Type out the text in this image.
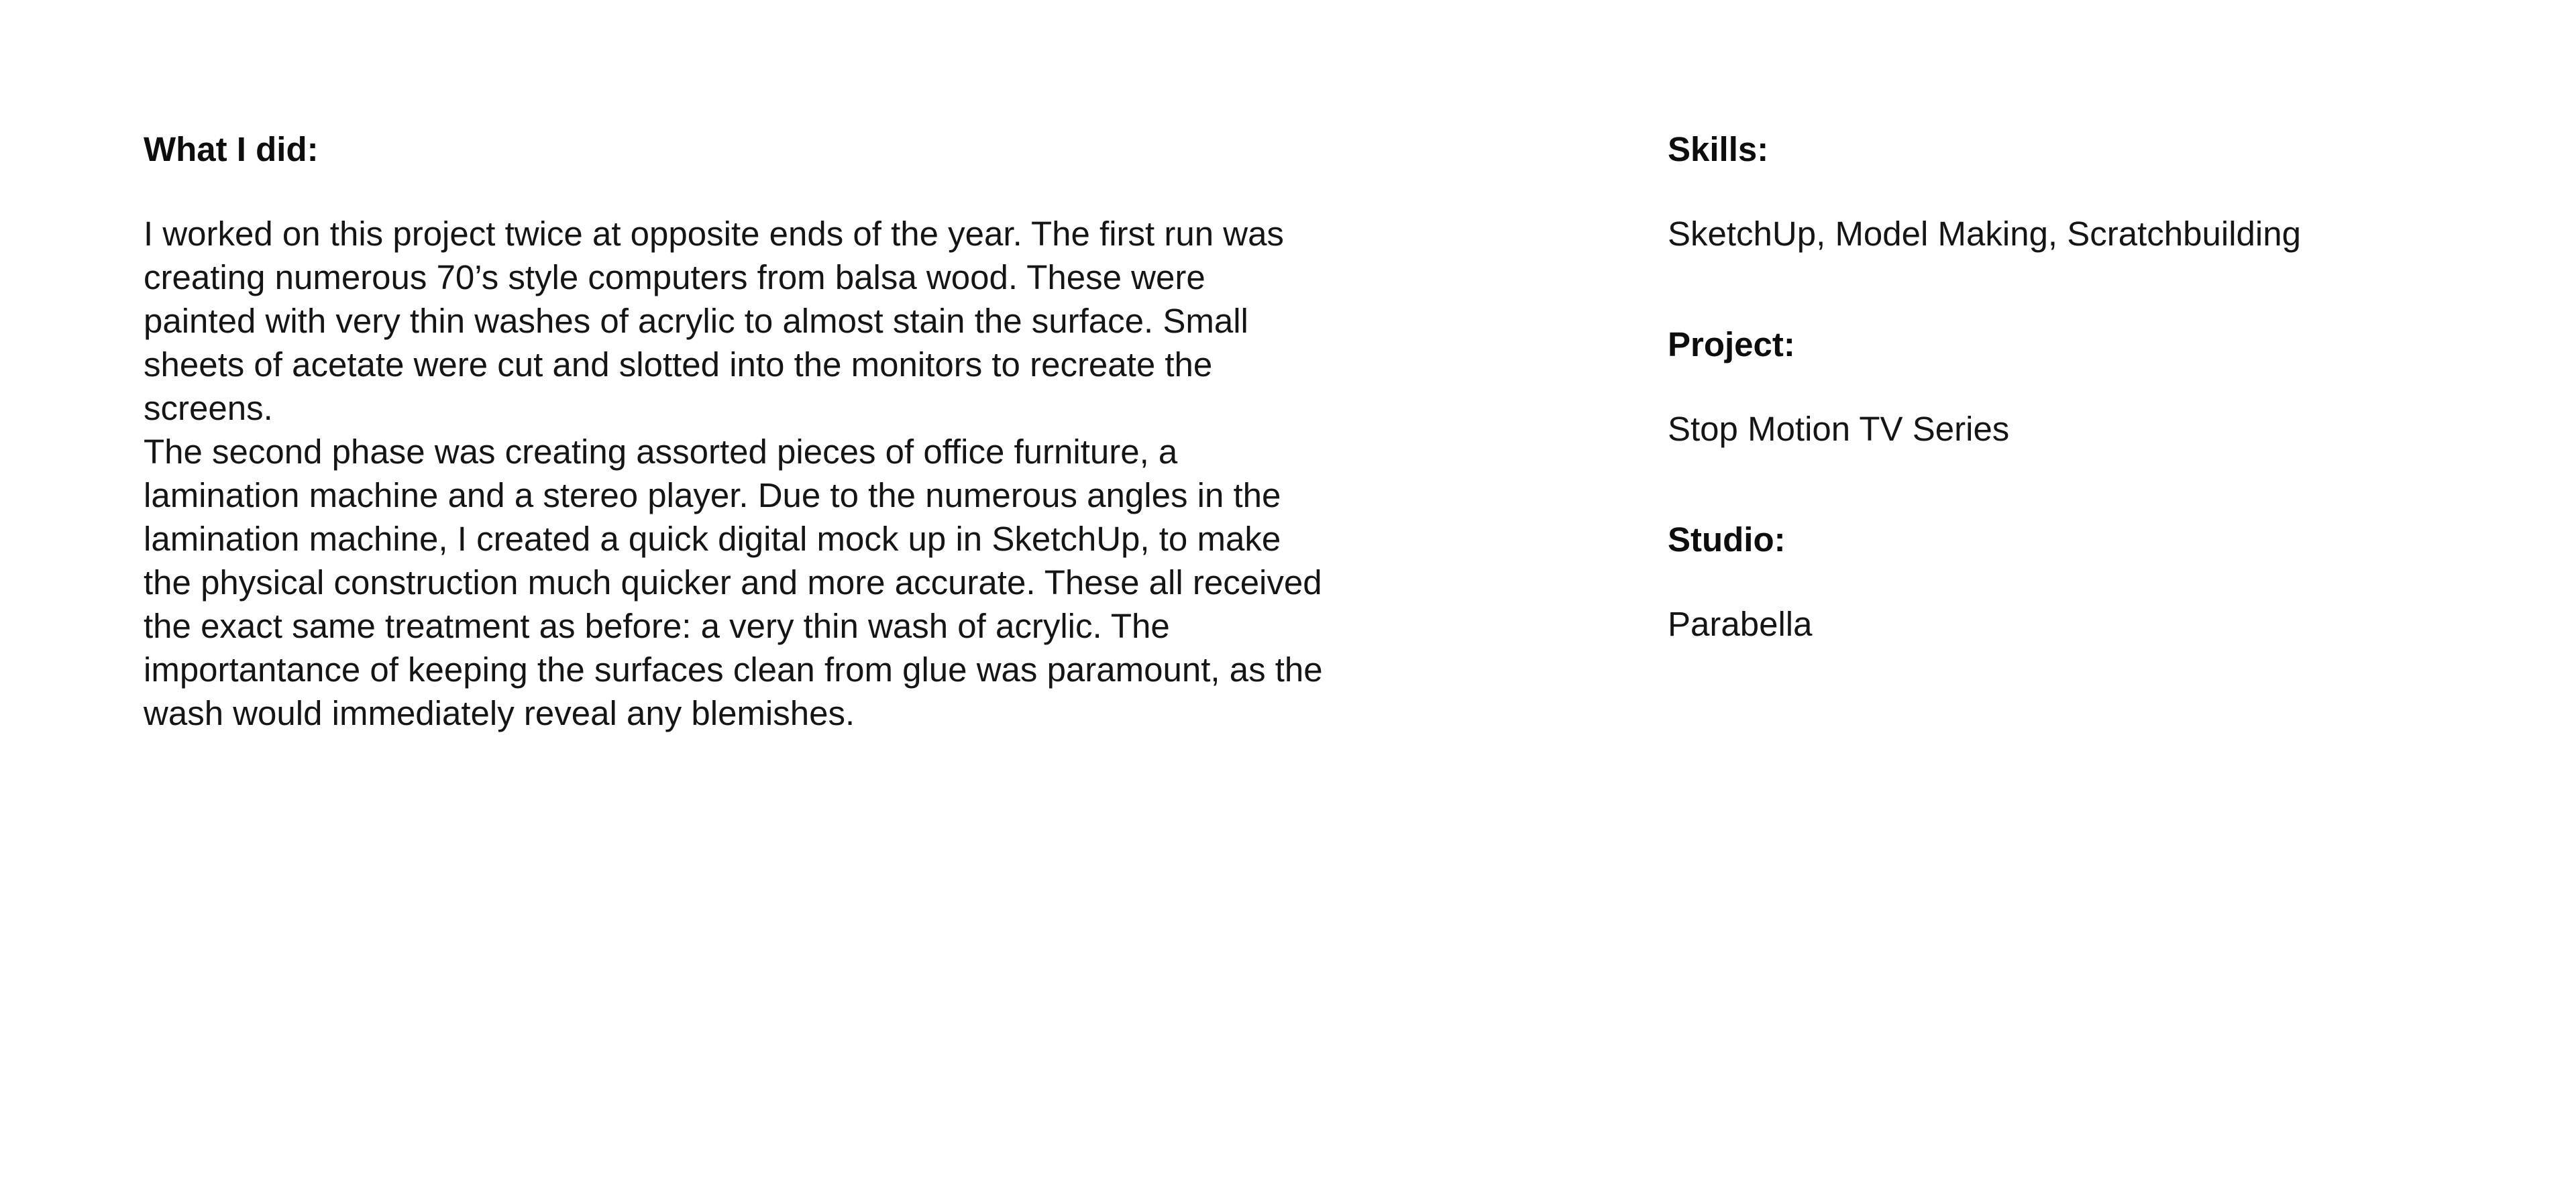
What I did:

I worked on this project twice at opposite ends of the year. The first run was creating numerous 70’s style computers from balsa wood. These were painted with very thin washes of acrylic to almost stain the surface. Small sheets of acetate were cut and slotted into the monitors to recreate the screens.

The second phase was creating assorted pieces of office furniture, a lamination machine and a stereo player. Due to the numerous angles in the lamination machine, I created a quick digital mock up in SketchUp, to make the physical construction much quicker and more accurate. These all received the exact same treatment as before: a very thin wash of acrylic. The importantance of keeping the surfaces clean from glue was paramount, as the wash would immediately reveal any blemishes.

Skills:

SketchUp, Model Making, Scratchbuilding

Project:

Stop Motion TV Series

Studio:

Parabella
